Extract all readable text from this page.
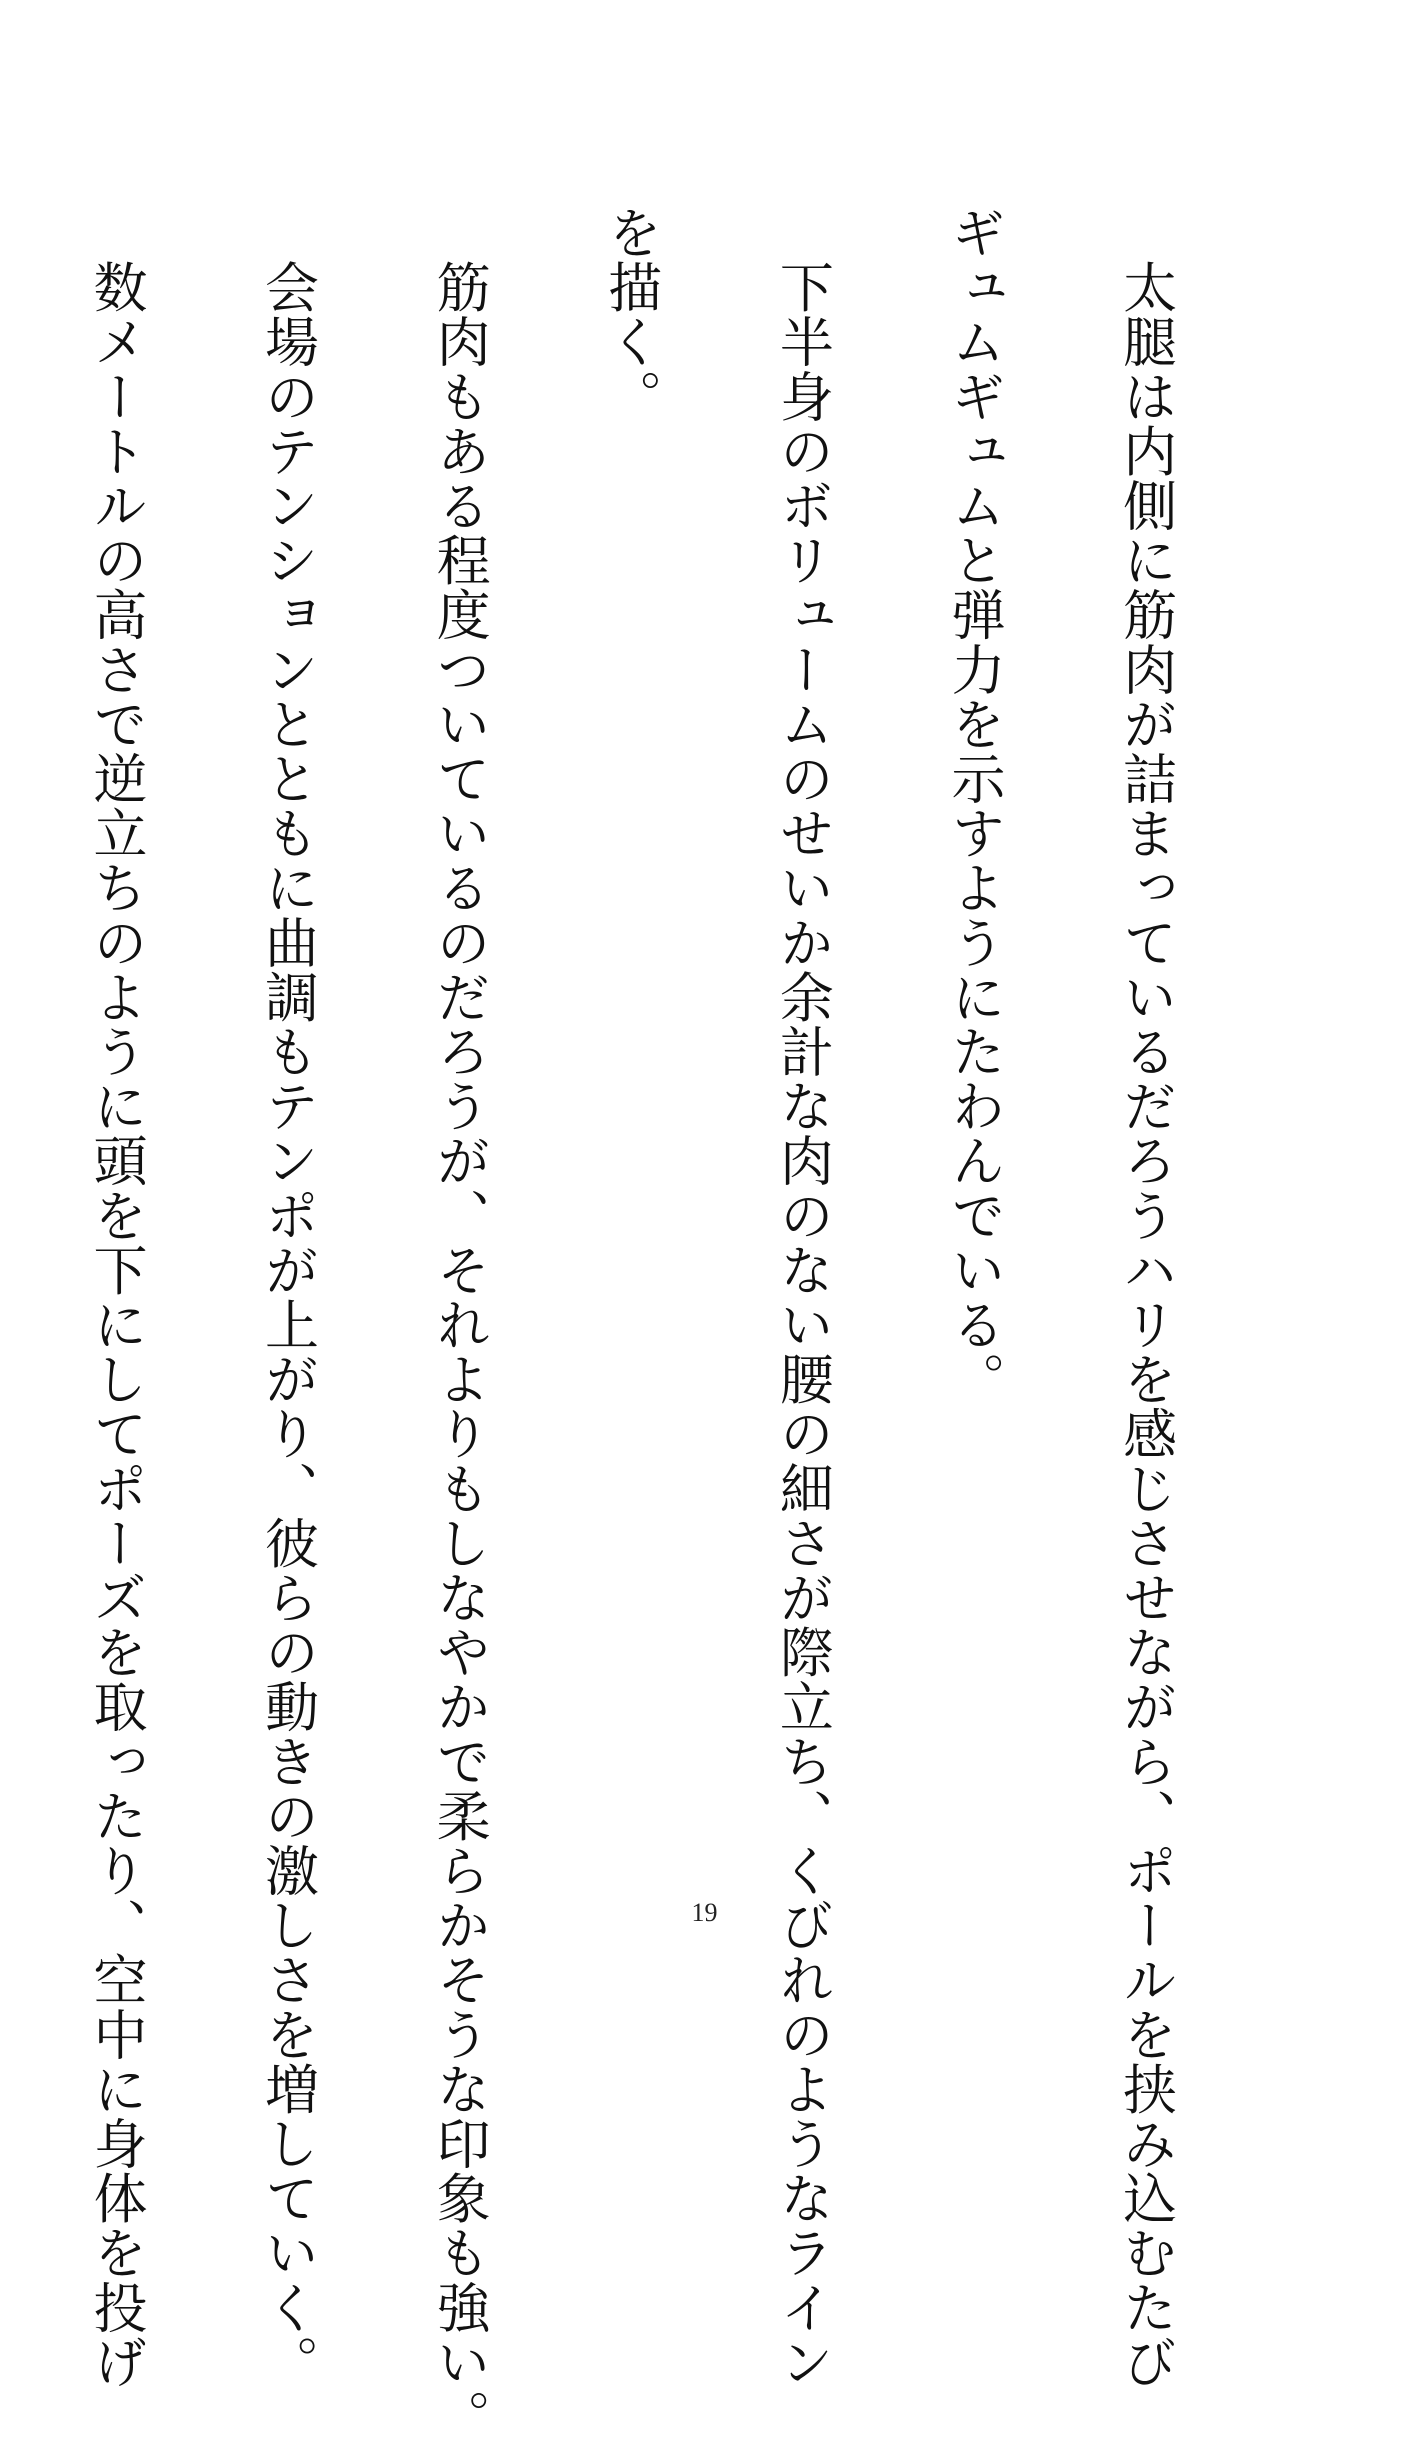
　太腿は内側に筋肉が詰まっているだろうハリを感じさせながら、ポールを挟み込むたび

ギュムギュムと弾力を示すようにたわんでいる。

　下半身のボリュームのせいか余計な肉のない腰の細さが際立ち、くびれのようなライン

を描く。

　筋肉もある程度ついているのだろうが、それよりもしなやかで柔らかそうな印象も強い。

　会場のテンションとともに曲調もテンポが上がり、彼らの動きの激しさを増していく。

　数メートルの高さで逆立ちのように頭を下にしてポーズを取ったり、空中に身体を投げ

	19
